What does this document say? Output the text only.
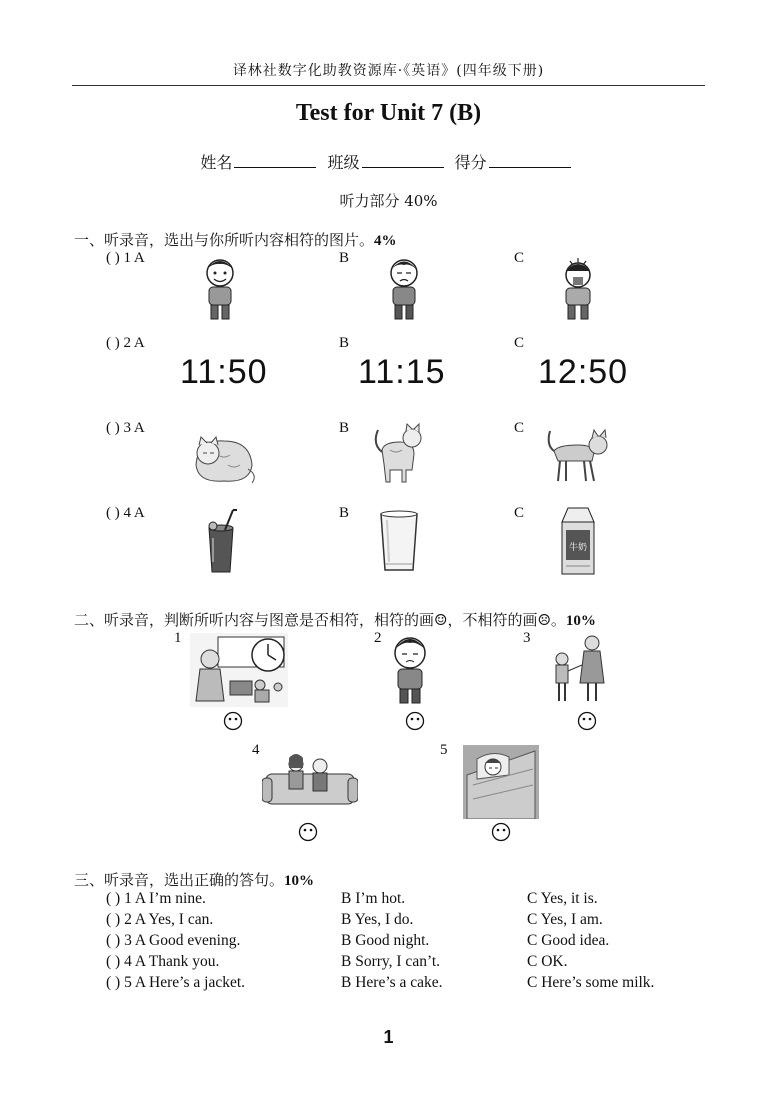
译林社数字化助教资源库·《英语》(四年级下册)
Test for Unit 7 (B)
姓名	班级	得分
听力部分 40%
一、听录音，选出与你所听内容相符的图片。4%
( ) 1 A	B	C
( ) 2 A	B	C
11:50	11:15	12:50
( ) 3 A	B	C
( ) 4 A	B	C
牛奶
二、听录音，判断所听内容与图意是否相符，相符的画☺，不相符的画☹。10%
1	2	3
4	5
三、听录音，选出正确的答句。10%
( ) 1 A I’m nine.	B I’m hot.	C Yes, it is.
( ) 2 A Yes, I can.	B Yes, I do.	C Yes, I am.
( ) 3 A Good evening.	B Good night.	C Good idea.
( ) 4 A Thank you.	B Sorry, I can’t.	C OK.
( ) 5 A Here’s a jacket.	B Here’s a cake.	C Here’s some milk.
1
